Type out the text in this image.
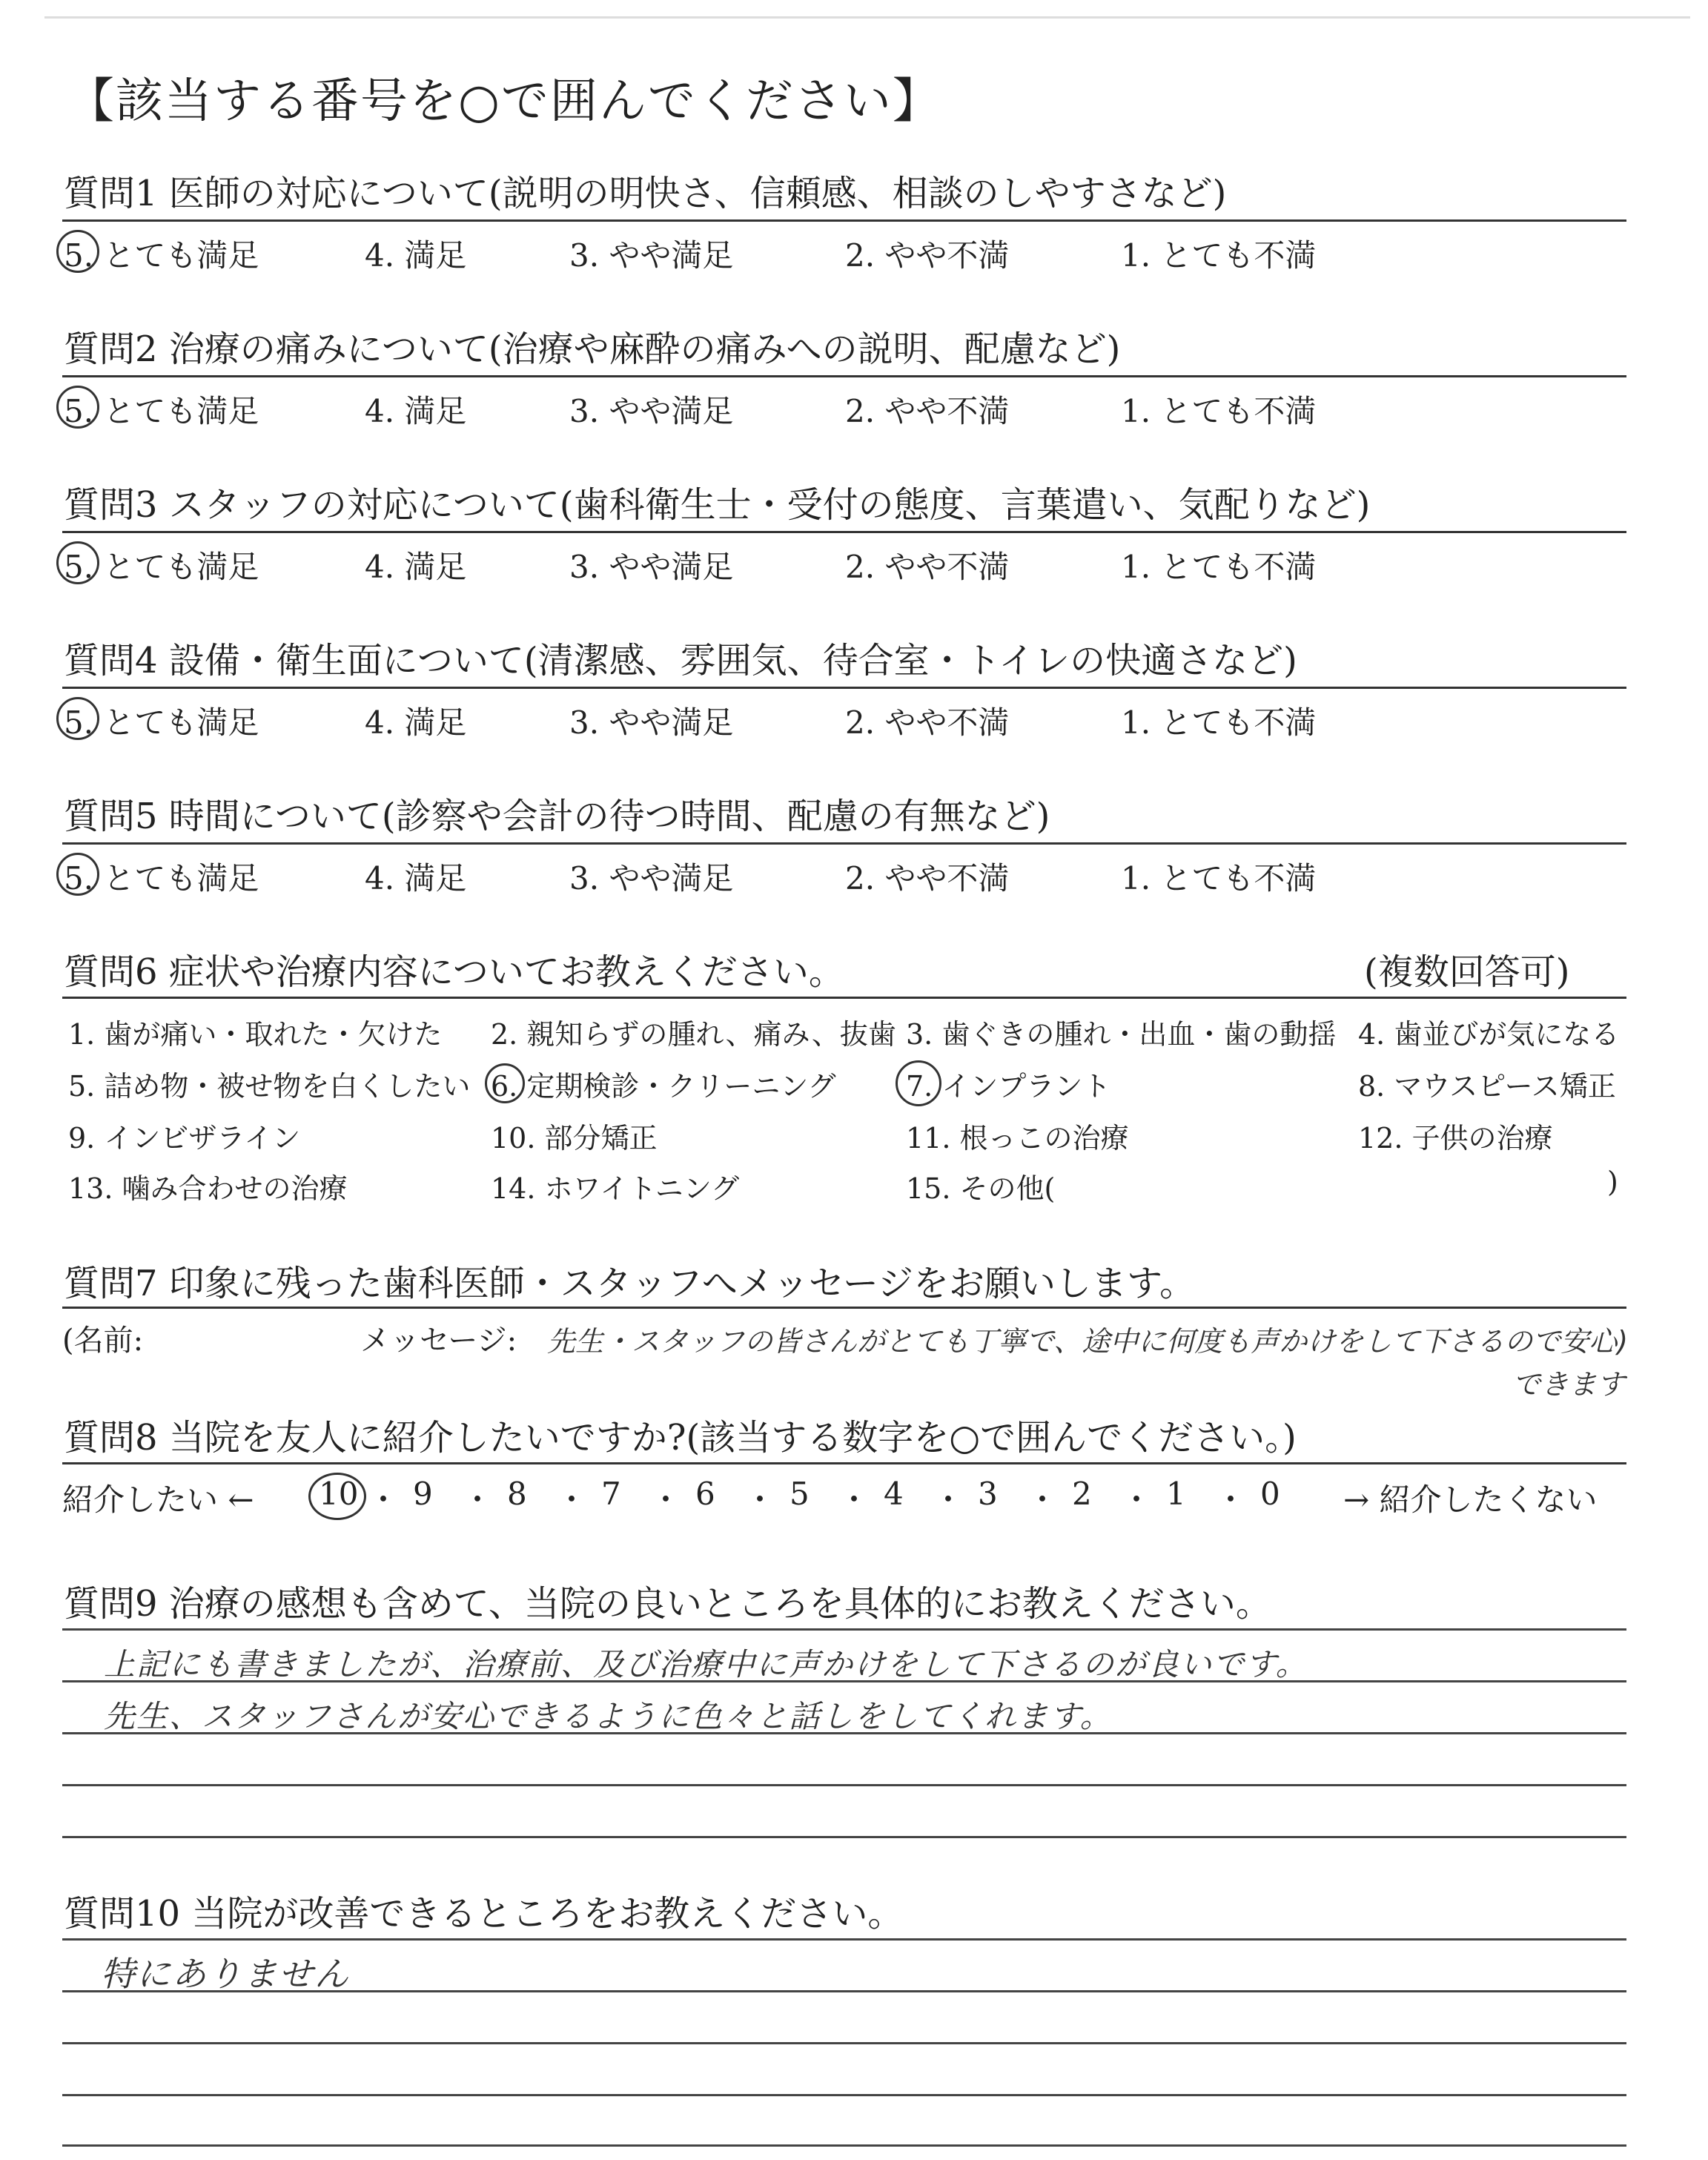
【該当する番号を○で囲んでください】
質問1 医師の対応について(説明の明快さ、信頼感、相談のしやすさなど)
5. とても満足	4. 満足	3. やや満足	2. やや不満	1. とても不満
質問2 治療の痛みについて(治療や麻酔の痛みへの説明、配慮など)
5. とても満足	4. 満足	3. やや満足	2. やや不満	1. とても不満
質問3 スタッフの対応について(歯科衛生士・受付の態度、言葉遣い、気配りなど)
5. とても満足	4. 満足	3. やや満足	2. やや不満	1. とても不満
質問4 設備・衛生面について(清潔感、雰囲気、待合室・トイレの快適さなど)
5. とても満足	4. 満足	3. やや満足	2. やや不満	1. とても不満
質問5 時間について(診察や会計の待つ時間、配慮の有無など)
5. とても満足	4. 満足	3. やや満足	2. やや不満	1. とても不満
質問6 症状や治療内容についてお教えください。	(複数回答可)
1. 歯が痛い・取れた・欠けた 2. 親知らずの腫れ、痛み、抜歯 3. 歯ぐきの腫れ・出血・歯の動揺 4. 歯並びが気になる
5. 詰め物・被せ物を白くしたい 6. 定期検診・クリーニング 7. インプラント	8. マウスピース矯正
9. インビザライン	10. 部分矯正	11. 根っこの治療	12. 子供の治療
13. 噛み合わせの治療	14. ホワイトニング	15. その他(	)
質問7 印象に残った歯科医師・スタッフへメッセージをお願いします。
(名前:	メッセージ: 先生・スタッフの皆さんがとても丁寧で、途中に何度も声かけをして下さるので安心)
できます
質問8 当院を友人に紹介したいですか?(該当する数字を○で囲んでください。)
紹介したい ← 10 ・ 9 ・ 8 ・ 7 ・ 6 ・ 5 ・ 4 ・ 3 ・ 2 ・ 1 ・ 0 → 紹介したくない
質問9 治療の感想も含めて、当院の良いところを具体的にお教えください。
上記にも書きましたが、治療前、及び治療中に声かけをして下さるのが良いです。
先生、スタッフさんが安心できるように色々と話しをしてくれます。
質問10 当院が改善できるところをお教えください。
特にありません
